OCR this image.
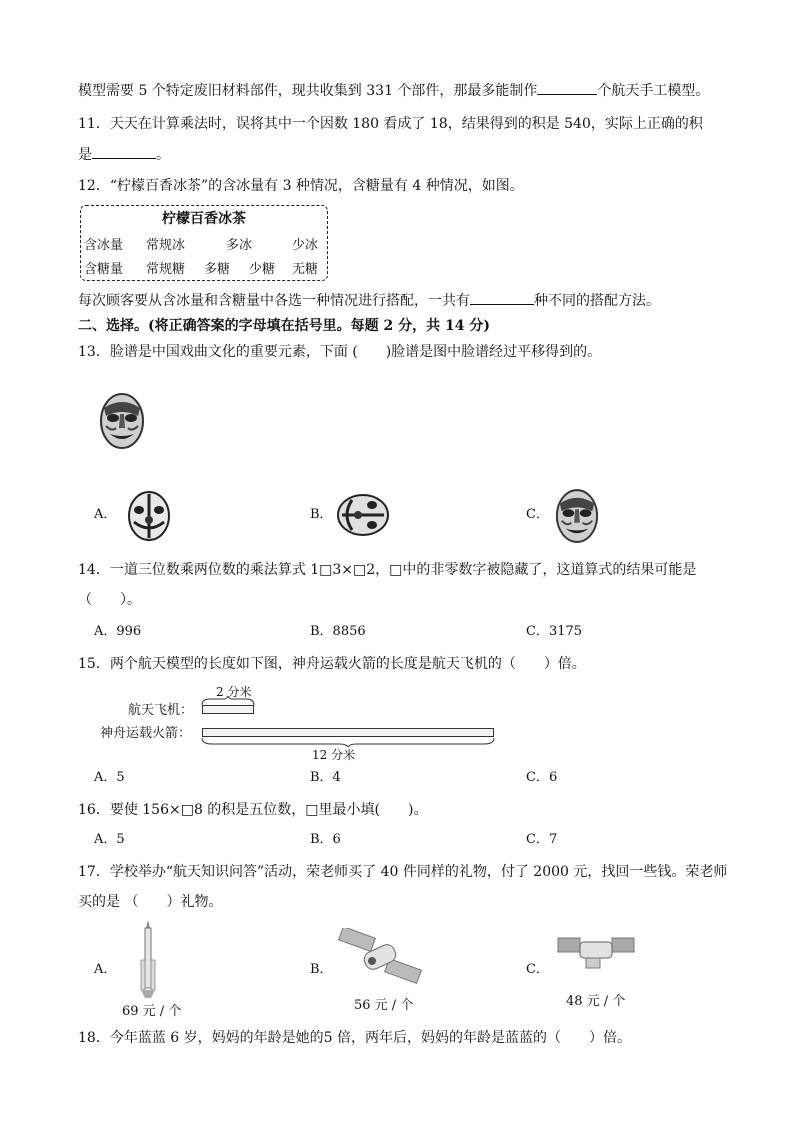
模型需要 5 个特定废旧材料部件，现共收集到 331 个部件，那最多能制作	个航天手工模型。
11．天天在计算乘法时，误将其中一个因数 180 看成了 18，结果得到的积是 540，实际上正确的积
是	。
12．“柠檬百香冰茶”的含冰量有 3 种情况，含糖量有 4 种情况，如图。
柠檬百香冰茶
含冰量 常规冰	多冰	少冰
含糖量 常规糖 多糖 少糖 无糖
每次顾客要从含冰量和含糖量中各选一种情况进行搭配，一共有	种不同的搭配方法。
二、选择。(将正确答案的字母填在括号里。每题 2 分，共 14 分)
13．脸谱是中国戏曲文化的重要元素，下面 (　　)脸谱是图中脸谱经过平移得到的。
A．	B．	C．
14．一道三位数乘两位数的乘法算式 1□3×□2，□中的非零数字被隐藏了，这道算式的结果可能是
（　　）。
A．996	B．8856	C．3175
15．两个航天模型的长度如下图，神舟运载火箭的长度是航天飞机的（　　）倍。
2 分米
航天飞机：
神舟运载火箭：
12 分米
A．5	B．4	C．6
16．要使 156×□8 的积是五位数，□里最小填(　　)。
A．5	B．6	C．7
17．学校举办“航天知识问答”活动，荣老师买了 40 件同样的礼物，付了 2000 元，找回一些钱。荣老师
买的是 （　　）礼物。
A．
69 元 / 个
B．
56 元 / 个
C．
48 元 / 个
18．今年蓝蓝 6 岁，妈妈的年龄是她的5 倍，两年后，妈妈的年龄是蓝蓝的（　　）倍。
